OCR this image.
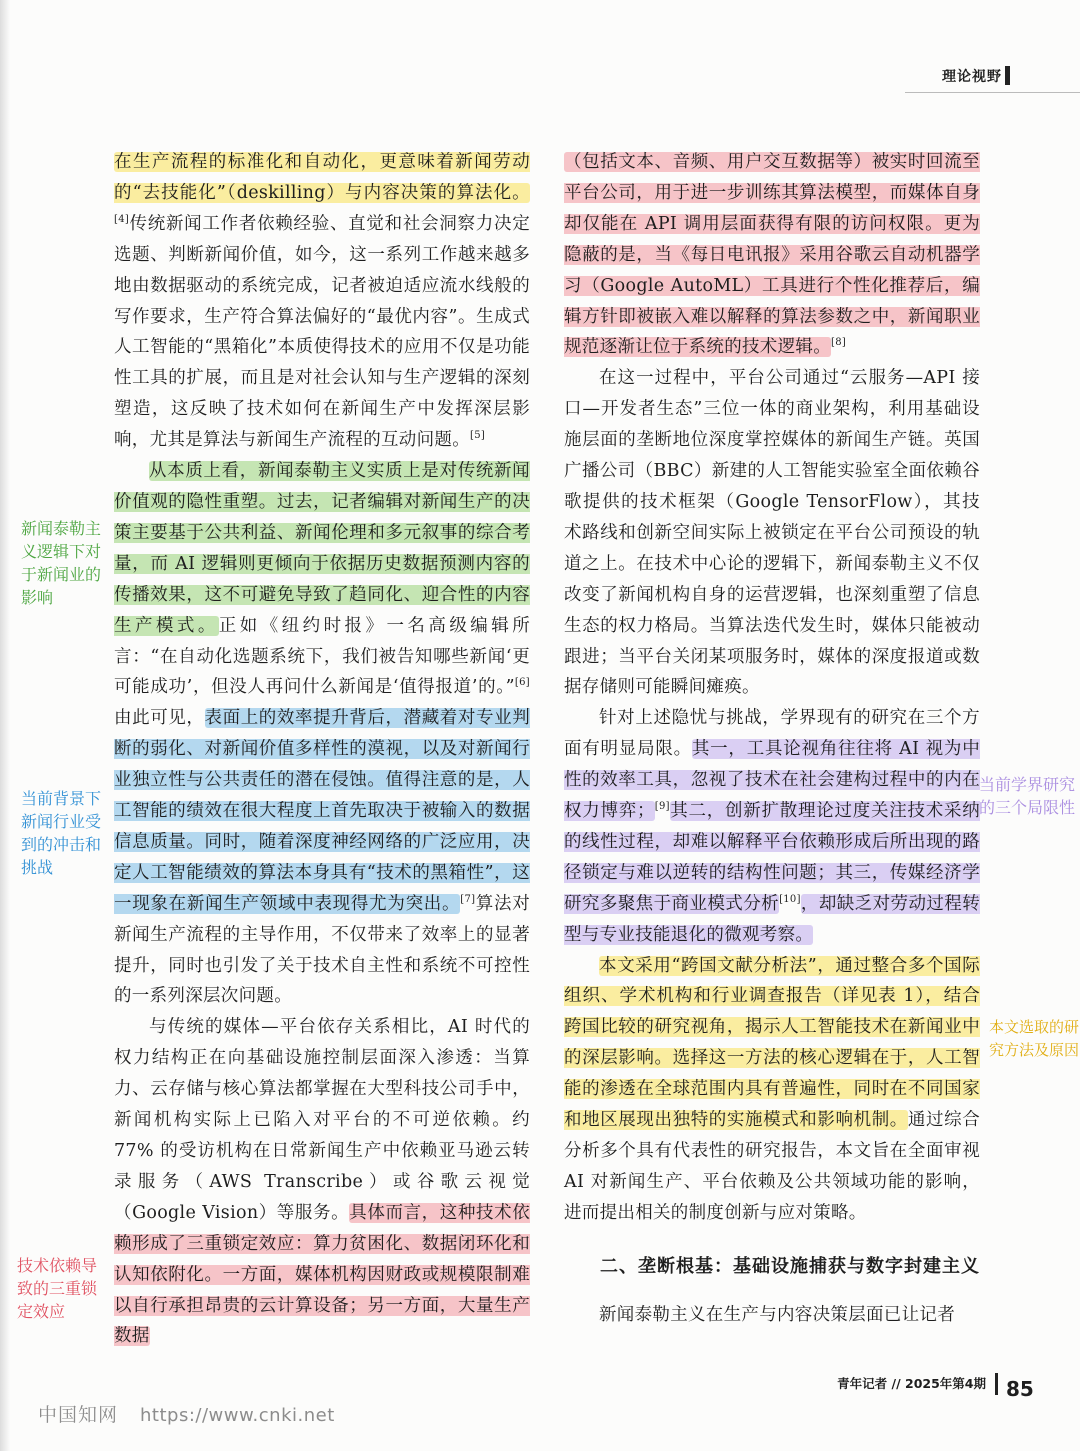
理论视野

在生产流程的标准化和自动化，更意味着新闻劳动的“去技能化”（deskilling）与内容决策的算法化。[4]传统新闻工作者依赖经验、直觉和社会洞察力决定选题、判断新闻价值，如今，这一系列工作越来越多地由数据驱动的系统完成，记者被迫适应流水线般的写作要求，生产符合算法偏好的“最优内容”。生成式人工智能的“黑箱化”本质使得技术的应用不仅是功能性工具的扩展，而且是对社会认知与生产逻辑的深刻塑造，这反映了技术如何在新闻生产中发挥深层影响，尤其是算法与新闻生产流程的互动问题。[5]

从本质上看，新闻泰勒主义实质上是对传统新闻价值观的隐性重塑。过去，记者编辑对新闻生产的决策主要基于公共利益、新闻伦理和多元叙事的综合考量，而 AI 逻辑则更倾向于依据历史数据预测内容的传播效果，这不可避免导致了趋同化、迎合性的内容生产模式。正如《纽约时报》一名高级编辑所言：“在自动化选题系统下，我们被告知哪些新闻‘更可能成功’，但没人再问什么新闻是‘值得报道’的。”[6]由此可见，表面上的效率提升背后，潜藏着对专业判断的弱化、对新闻价值多样性的漠视，以及对新闻行业独立性与公共责任的潜在侵蚀。值得注意的是，人工智能的绩效在很大程度上首先取决于被输入的数据信息质量。同时，随着深度神经网络的广泛应用，决定人工智能绩效的算法本身具有“技术的黑箱性”，这一现象在新闻生产领域中表现得尤为突出。[7]算法对新闻生产流程的主导作用，不仅带来了效率上的显著提升，同时也引发了关于技术自主性和系统不可控性的一系列深层次问题。

与传统的媒体—平台依存关系相比，AI 时代的权力结构正在向基础设施控制层面深入渗透：当算力、云存储与核心算法都掌握在大型科技公司手中，新闻机构实际上已陷入对平台的不可逆依赖。约 77% 的受访机构在日常新闻生产中依赖亚马逊云转录服务（AWS Transcribe）或谷歌云视觉（Google Vision）等服务。具体而言，这种技术依赖形成了三重锁定效应：算力贫困化、数据闭环化和认知依附化。一方面，媒体机构因财政或规模限制难以自行承担昂贵的云计算设备；另一方面，大量生产数据

（包括文本、音频、用户交互数据等）被实时回流至平台公司，用于进一步训练其算法模型，而媒体自身却仅能在 API 调用层面获得有限的访问权限。更为隐蔽的是，当《每日电讯报》采用谷歌云自动机器学习（Google AutoML）工具进行个性化推荐后，编辑方针即被嵌入难以解释的算法参数之中，新闻职业规范逐渐让位于系统的技术逻辑。[8]

在这一过程中，平台公司通过“云服务—API 接口—开发者生态”三位一体的商业架构，利用基础设施层面的垄断地位深度掌控媒体的新闻生产链。英国广播公司（BBC）新建的人工智能实验室全面依赖谷歌提供的技术框架（Google TensorFlow），其技术路线和创新空间实际上被锁定在平台公司预设的轨道之上。在技术中心论的逻辑下，新闻泰勒主义不仅改变了新闻机构自身的运营逻辑，也深刻重塑了信息生态的权力格局。当算法迭代发生时，媒体只能被动跟进；当平台关闭某项服务时，媒体的深度报道或数据存储则可能瞬间瘫痪。

针对上述隐忧与挑战，学界现有的研究在三个方面有明显局限。其一，工具论视角往往将 AI 视为中性的效率工具，忽视了技术在社会建构过程中的内在权力博弈；[9]其二，创新扩散理论过度关注技术采纳的线性过程，却难以解释平台依赖形成后所出现的路径锁定与难以逆转的结构性问题；其三，传媒经济学研究多聚焦于商业模式分析[10]，却缺乏对劳动过程转型与专业技能退化的微观考察。

本文采用“跨国文献分析法”，通过整合多个国际组织、学术机构和行业调查报告（详见表 1），结合跨国比较的研究视角，揭示人工智能技术在新闻业中的深层影响。选择这一方法的核心逻辑在于，人工智能的渗透在全球范围内具有普遍性，同时在不同国家和地区展现出独特的实施模式和影响机制。通过综合分析多个具有代表性的研究报告，本文旨在全面审视 AI 对新闻生产、平台依赖及公共领域功能的影响，进而提出相关的制度创新与应对策略。

二、垄断根基：基础设施捕获与数字封建主义

新闻泰勒主义在生产与内容决策层面已让记者

新闻泰勒主义逻辑下对于新闻业的影响
当前背景下新闻行业受到的冲击和挑战
技术依赖导致的三重锁定效应
当前学界研究的三个局限性
本文选取的研究方法及原因
青年记者 // 2025年第4期 85
中国知网 https://www.cnki.net
